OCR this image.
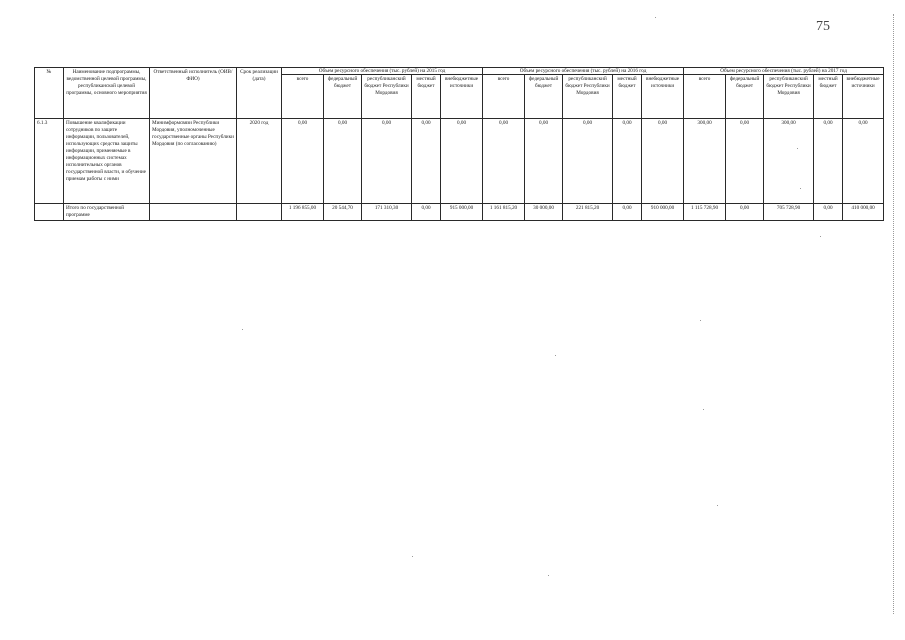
75
№	Наименование подпрограммы, ведомственной целевой программы, республиканской целевой программы, основного мероприятия	Ответственный исполнитель (ОИВ/ФИО)	Срок реализации (дата)	Объем ресурсного обеспечения (тыс. рублей) на 2015 год					Объем ресурсного обеспечения (тыс. рублей) на 2016 год					Объем ресурсного обеспечения (тыс. рублей) на 2017 год				
				всего	федеральный бюджет	республиканский бюджет Республики Мордовия	местный бюджет	внебюджетные источники	всего	федеральный бюджет	республиканский бюджет Республики Мордовия	местный бюджет	внебюджетные источники	всего	федеральный бюджет	республиканский бюджет Республики Мордовия	местный бюджет	внебюджетные источники
6.1.3	Повышение квалификации сотрудников по защите информации, пользователей, использующих средства защиты информации, применяемые в информационных системах исполнительных органов государственной власти, и обучение приемам работы с ними	Минимформсвязи Республики Мордовия, уполномоченные государственные органы Республики Мордовия (по согласованию)	2020 год	0,00	0,00	0,00	0,00	0,00	0,00	0,00	0,00	0,00	0,00	300,00	0,00	300,00	0,00	0,00
	Итого по государственной программе			1 196 855,00	20 544,70	171 310,30	0,00	915 000,00	1 161 815,20	30 000,00	221 815,20	0,00	910 000,00	1 115 728,90	0,00	705 728,90	0,00	410 000,00
